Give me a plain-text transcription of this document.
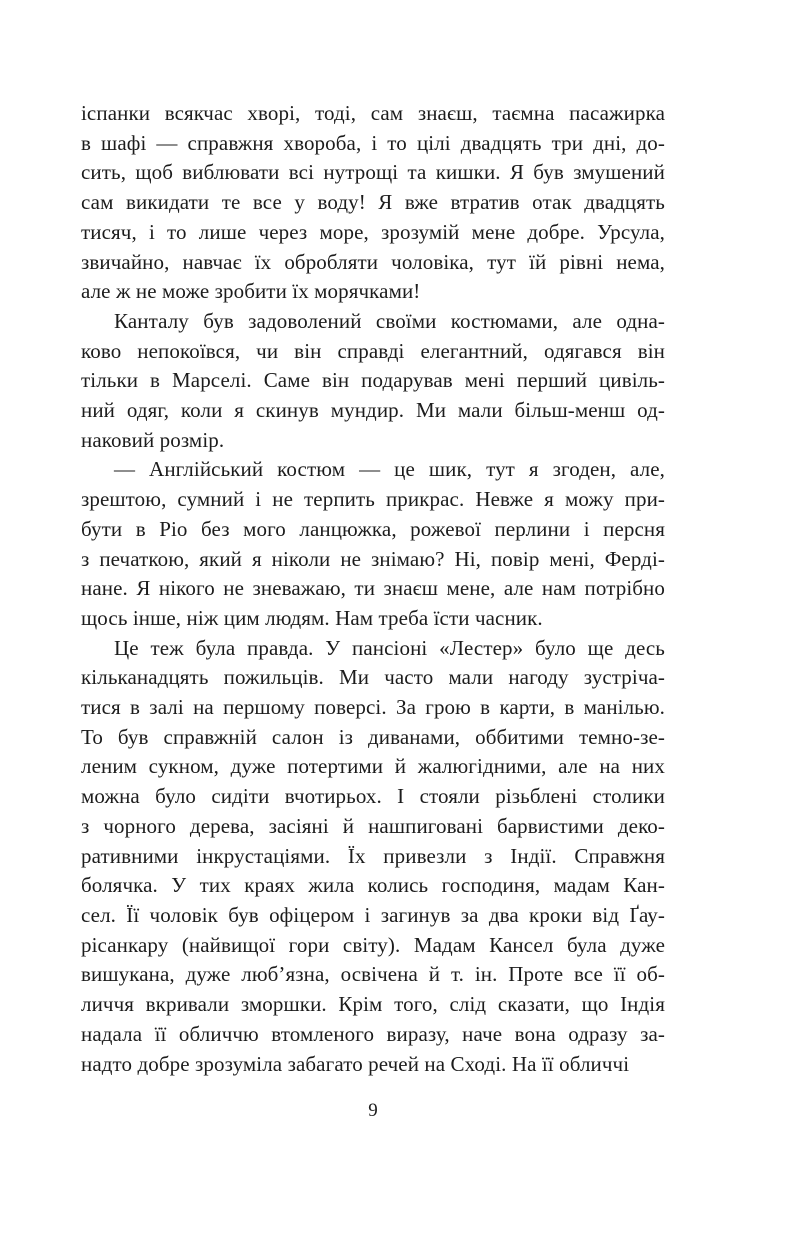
іспанки всякчас хворі, тоді, сам знаєш, таємна пасажирка
в шафі — справжня хвороба, і то цілі двадцять три дні, до-
сить, щоб виблювати всі нутрощі та кишки. Я був змушений
сам викидати те все у воду! Я вже втратив отак двадцять
тисяч, і то лише через море, зрозумій мене добре. Урсула,
звичайно, навчає їх обробляти чоловіка, тут їй рівні нема,
але ж не може зробити їх морячками!
Канталу був задоволений своїми костюмами, але одна-
ково непокоївся, чи він справді елегантний, одягався він
тільки в Марселі. Саме він подарував мені перший цивіль-
ний одяг, коли я скинув мундир. Ми мали більш-менш од-
наковий розмір.
— Англійський костюм — це шик, тут я згоден, але,
зрештою, сумний і не терпить прикрас. Невже я можу при-
бути в Ріо без мого ланцюжка, рожевої перлини і персня
з печаткою, який я ніколи не знімаю? Ні, повір мені, Ферді-
нане. Я нікого не зневажаю, ти знаєш мене, але нам потрібно
щось інше, ніж цим людям. Нам треба їсти часник.
Це теж була правда. У пансіоні «Лестер» було ще десь
кільканадцять пожильців. Ми часто мали нагоду зустріча-
тися в залі на першому поверсі. За грою в карти, в манілью.
То був справжній салон із диванами, оббитими темно-зе-
леним сукном, дуже потертими й жалюгідними, але на них
можна було сидіти вчотирьох. І стояли різьблені столики
з чорного дерева, засіяні й нашпиговані барвистими деко-
ративними інкрустаціями. Їх привезли з Індії. Справжня
болячка. У тих краях жила колись господиня, мадам Кан-
сел. Її чоловік був офіцером і загинув за два кроки від Ґау-
рісанкару (найвищої гори світу). Мадам Кансел була дуже
вишукана, дуже люб’язна, освічена й т. ін. Проте все її об-
личчя вкривали зморшки. Крім того, слід сказати, що Індія
надала її обличчю втомленого виразу, наче вона одразу за-
надто добре зрозуміла забагато речей на Сході. На її обличчі
9
